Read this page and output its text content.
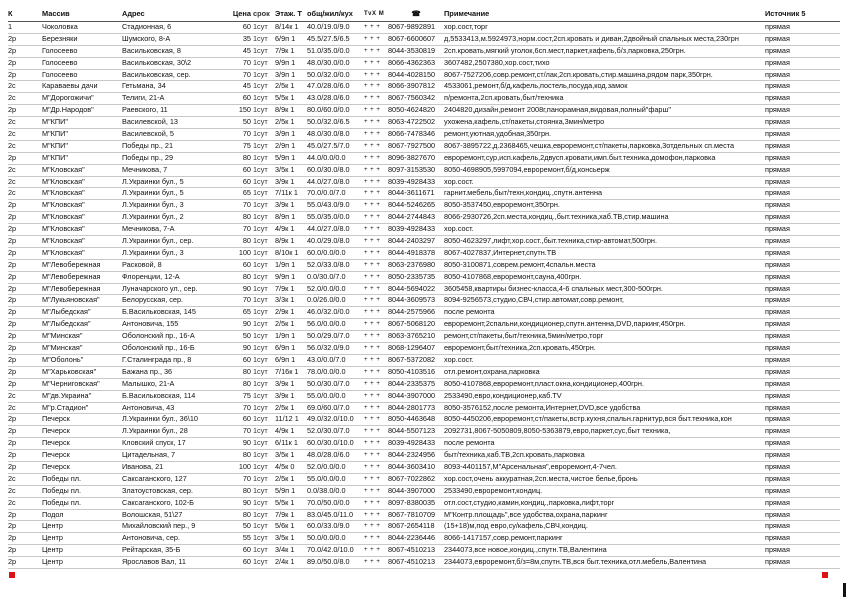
К	Массив	Адрес	Цена срок Этаж. Т общ/жил/кух	ТvХ М	☎	Примечание	Источник 5
1	Чоколовка	Стадионная, 6	60 1сут 8/14к 1	40.0/19.0/9.0	+ + +	8067-9892891	хор.сост,торг	прямая
2р	Березняки	Шумского, 8-А	35 1сут 6/9п 1	45.5/27.5/6.5	+ + +	8067-6600607	д,5533413,м.5924973,норм.сост,2сп.кровать и диван,2двойный спальных места,230грн	прямая
2р	Голосеево	Васильковская, 8	45 1сут 7/9к 1	51.0/35.0/0.0	+ + +	8044-3530819	2сп.кровать,мягкий уголок,6сп.мест,паркет,кафель,б/з,парковка,250грн.	прямая
2р	Голосеево	Васильковская, 30\2	70 1сут 9/9п 1	48.0/30.0/0.0	+ + +	8066-4362363	3607482,2507380,хор.сост,тихо	прямая
2р	Голосеево	Васильковская, сер.	70 1сут 3/9п 1	50.0/32.0/0.0	+ + +	8044-4028150	8067-7527206,совр.ремонт,ст/лак,2сп.кровать,стир.машина,рядом парк,350грн.	прямая
2с	Караваевы дачи	Гетьмана, 34	45 1сут 2/5к 1	47.0/28.0/6.0	+ + +	8066-3907812	4533061,ремонт,б/д,кафель,постель,посуда,код.замок	прямая
2с	М"Дорогожичи"	Телиги, 21-А	60 1сут 5/5к 1	43.0/28.0/6.0	+ + +	8067-7560342	п/ремонта,2сп.кровать,быт/техника	прямая
2р	М"Др.Народов"	Раевского, 11	150 1сут 8/9к 1	80.0/60.0/0.0	+ + +	8050-4624820	2404820,дизайн,ремонт 2008г,панорамная,видовая,полный"фарш"	прямая
2с	М"КПИ"	Василевской, 13	50 1сут 2/5к 1	50.0/32.0/6.5	+ + +	8063-4722502	ухожена,кафель,ст/пакеты,стоянка,3мин/метро	прямая
2с	М"КПИ"	Василевской, 5	70 1сут 3/9п 1	48.0/30.0/8.0	+ + +	8066-7478346	ремонт,уютная,удобная,350грн.	прямая
2с	М"КПИ"	Победы пр., 21	75 1сут 2/9п 1	45.0/27.5/7.0	+ + +	8067-7927500	8067-3895722,д.2368465,чешка,евроремонт,ст/пакеты,парковка,3отдельных сп.места	прямая
2р	М"КПИ"	Победы пр., 29	80 1сут 5/9п 1	44.0/0.0/0.0	+ + +	8096-3827670	евроремонт,сур,исп.кафель,2двусп.кровати,имп.быт.техника,домофон,парковка	прямая
2с	М"Кловская"	Мечникова, 7	60 1сут 3/5к 1	60.0/30.0/8.0	+ + +	8097-3153530	8050-4698905,5997094,евроремонт,б/д,консьерж	прямая
2с	М"Кловская"	Л.Украинки бул., 5	60 1сут 3/9к 1	44.0/27.0/8.0	+ + +	8039-4928433	хор.сост.	прямая
2с	М"Кловская"	Л.Украинки бул., 5	65 1сут 7/11к 1	70.0/0.0/7.0	+ + +	8044-3611671	гарнит.мебель,быт/техн,кондиц.,спутн.антенна	прямая
2р	М"Кловская"	Л.Украинки бул., 3	70 1сут 3/9к 1	55.0/43.0/9.0	+ + +	8044-5246265	8050-3537450,евроремонт,350грн.	прямая
2р	М"Кловская"	Л.Украинки бул., 2	80 1сут 8/9п 1	55.0/35.0/0.0	+ + +	8044-2744843	8066-2930726,2сп.места,кондиц.,быт.техника,хаб.ТВ,стир.машина	прямая
2р	М"Кловская"	Мечникова, 7-А	70 1сут 4/9к 1	44.0/27.0/8.0	+ + +	8039-4928433	хор.сост.	прямая
2р	М"Кловская"	Л.Украинки бул., сер.	80 1сут 8/9к 1	40.0/29.0/8.0	+ + +	8044-2403297	8050-4623297,лифт,хор.сост.,быт.техника,стир-автомат,500грн.	прямая
2р	М"Кловская"	Л.Украинки бул., 3	100 1сут 8/10к 1	60.0/0.0/0.0	+ + +	8044-4918378	8067-4027837,Интернет,спутн.ТВ	прямая
2р	М"Левобережная	Расковой, 8	60 1сут 1/9п 1	52.0/33.0/8.0	+ + +	8063-2376980	8050-3100871,соврем.ремонт,4спальн.места	прямая
2р	М"Левобережная	Флоренции, 12-А	80 1сут 9/9п 1	0.0/30.0/7.0	+ + +	8050-2335735	8050-4107868,евроремонт,сауна,400грн.	прямая
2р	М"Левобережная	Луначарского ул., сер.	90 1сут 7/9к 1	52.0/0.0/0.0	+ + +	8044-5694022	3605458,квартиры бизнес-класса,4-6 спальных мест,300-500грн.	прямая
2р	М"Лукьяновская"	Белорусская, сер.	70 1сут 3/3к 1	0.0/26.0/0.0	+ + +	8044-3609573	8094-9256573,студио,СВЧ,стир.автомат,совр.ремонт,	прямая
2р	М"Лыбедская"	Б.Васильковская, 145	65 1сут 2/9к 1	46.0/32.0/0.0	+ + +	8044-2575966	после ремонта	прямая
2р	М"Лыбедская"	Антоновича, 155	90 1сут 2/5к 1	56.0/0.0/0.0	+ + +	8067-5068120	евроремонт,2спальни,кондиционер,спутн.антенна,DVD,паркинг,450грн.	прямая
2р	М"Минская"	Оболонский пр., 16-А	50 1сут 1/9п 1	50.0/29.0/7.0	+ + +	8063-3765210	ремонт,ст/пакеты,быт/техника,5мин/метро,торг	прямая
2р	М"Минская"	Оболонский пр., 16-Б	90 1сут 6/9п 1	56.0/32.0/9.0	+ + +	8068-1296407	евроремонт,быт/техника,2сп.кровать,450грн.	прямая
2р	М"Оболонь"	Г.Сталинграда пр., 8	60 1сут 6/9п 1	43.0/0.0/7.0	+ + +	8067-5372082	хор.сост.	прямая
2р	М"Харьковская"	Бажана пр., 36	80 1сут 7/16к 1	78.0/0.0/0.0	+ + +	8050-4103516	отл.ремонт,охрана,парковка	прямая
2р	М"Черниговская"	Малышко, 21-А	80 1сут 3/9к 1	50.0/30.0/7.0	+ + +	8044-2335375	8050-4107868,евроремонт,пласт.окна,кондиционер,400грн.	прямая
2с	М"дв.Украина"	Б.Васильковская, 114	75 1сут 3/9к 1	55.0/0.0/0.0	+ + +	8044-3907000	2533490,евро,кондиционер,каб.ТV	прямая
2с	М"р.Стадион"	Антоновича, 43	70 1сут 2/5к 1	69.0/60.0/7.0	+ + +	8044-2801773	8050-3576152,после ремонта,Интернет,DVD,все удобства	прямая
2р	Печерск	Л.Украинки бул., 36\10	60 1сут 11/12 1	49.0/32.0/10.0	+ + +	8050-4463648	8050-4450206,евроремонт,ст/пакеты,встр.кухня,спальн.гарнитур,вся быт.техника,кон	прямая
2р	Печерск	Л.Украинки бул., 28	70 1сут 4/9к 1	52.0/30.0/7.0	+ + +	8044-5507123	2092731,8067-5050809,8050-5363879,евро,паркет,сус,быт техника,	прямая
2р	Печерск	Кловский спуск, 17	90 1сут 6/11к 1	60.0/30.0/10.0	+ + +	8039-4928433	после ремонта	прямая
2р	Печерск	Цитадельная, 7	80 1сут 3/5к 1	48.0/28.0/6.0	+ + +	8044-2324956	быт/техника,каб.ТВ,2сп.кровать,парковка	прямая
2р	Печерск	Иванова, 21	100 1сут 4/5к 0	52.0/0.0/0.0	+ + +	8044-3603410	8093-4401157,М"Арсенальная",евроремонт,4-7чел.	прямая
2с	Победы пл.	Саксаганского, 127	70 1сут 2/5к 1	55.0/0.0/0.0	+ + +	8067-7022862	хор.сост,очень аккуратная,2сп.места,чистое белье,бронь	прямая
2с	Победы пл.	Златоустовская, сер.	80 1сут 5/9п 1	0.0/38.0/0.0	+ + +	8044-3907000	2533490,евроремонт,кондиц.	прямая
2с	Победы пл.	Саксаганского, 102-Б	90 1сут 5/5к 1	70.0/50.0/0.0	+ + +	8097-8380035	отл.сост,студио,камин,кондиц.,парковка,лифт,торг	прямая
2р	Подол	Волошская, 51\27	80 1сут 7/9к 1	83.0/45.0/11.0	+ + +	8067-7810709	М"Контр.площадь",все удобства,охрана,паркинг	прямая
2р	Центр	Михайловский пер., 9	50 1сут 5/6к 1	60.0/33.0/9.0	+ + +	8067-2654118	(15+18)м,под евро,су/кафель,СВЧ,кондиц.	прямая
2р	Центр	Антоновича, сер.	55 1сут 3/5к 1	50.0/0.0/0.0	+ + +	8044-2236446	8066-1417157,совр.ремонт,паркинг	прямая
2р	Центр	Рейтарская, 35-Б	60 1сут 3/4к 1	70.0/42.0/10.0	+ + +	8067-4510213	2344073,все новое,кондиц.,спутн.ТВ,Валентина	прямая
2р	Центр	Ярославов Вал, 11	60 1сут 2/4к 1	89.0/50.0/8.0	+ + +	8067-4510213	2344073,евроремонт,б/з=8м,спутн.ТВ,вся быт.техника,отл.мебель,Валентина	прямая
